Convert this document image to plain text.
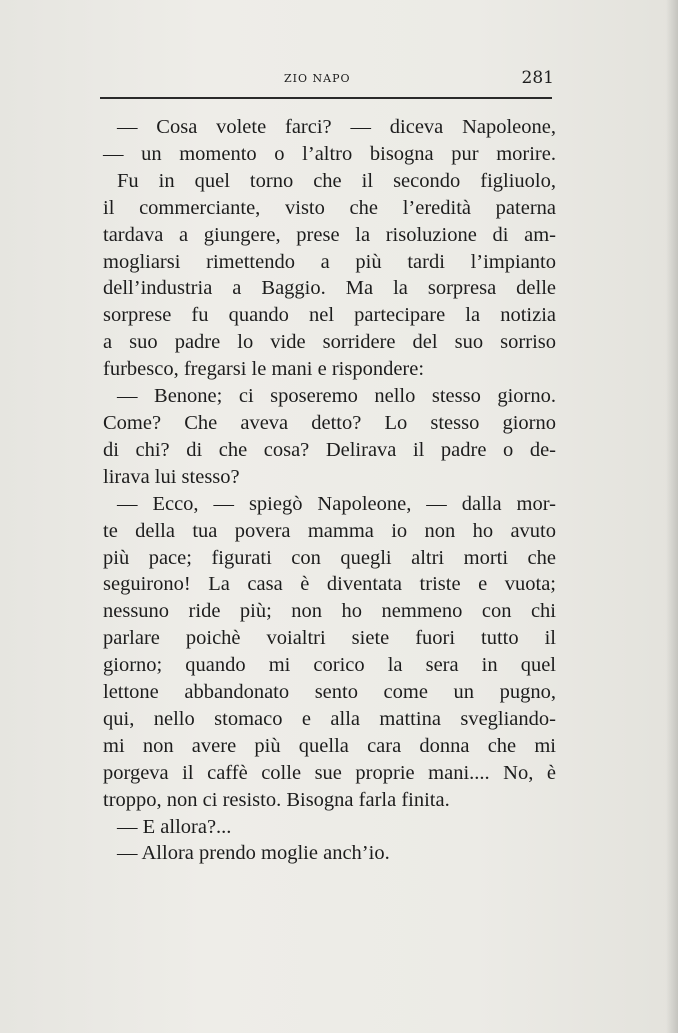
ZIO NAPO	281
— Cosa volete farci? — diceva Napoleone,
— un momento o l’altro bisogna pur morire.
Fu in quel torno che il secondo figliuolo,
il commerciante, visto che l’eredità paterna
tardava a giungere, prese la risoluzione di am-
mogliarsi rimettendo a più tardi l’impianto
dell’industria a Baggio. Ma la sorpresa delle
sorprese fu quando nel partecipare la notizia
a suo padre lo vide sorridere del suo sorriso
furbesco, fregarsi le mani e rispondere:
— Benone; ci sposeremo nello stesso giorno.
Come? Che aveva detto? Lo stesso giorno
di chi? di che cosa? Delirava il padre o de-
lirava lui stesso?
— Ecco, — spiegò Napoleone, — dalla mor-
te della tua povera mamma io non ho avuto
più pace; figurati con quegli altri morti che
seguirono! La casa è diventata triste e vuota;
nessuno ride più; non ho nemmeno con chi
parlare poichè voialtri siete fuori tutto il
giorno; quando mi corico la sera in quel
lettone abbandonato sento come un pugno,
qui, nello stomaco e alla mattina svegliando-
mi non avere più quella cara donna che mi
porgeva il caffè colle sue proprie mani.... No, è
troppo, non ci resisto. Bisogna farla finita.
— E allora?...
— Allora prendo moglie anch’io.
